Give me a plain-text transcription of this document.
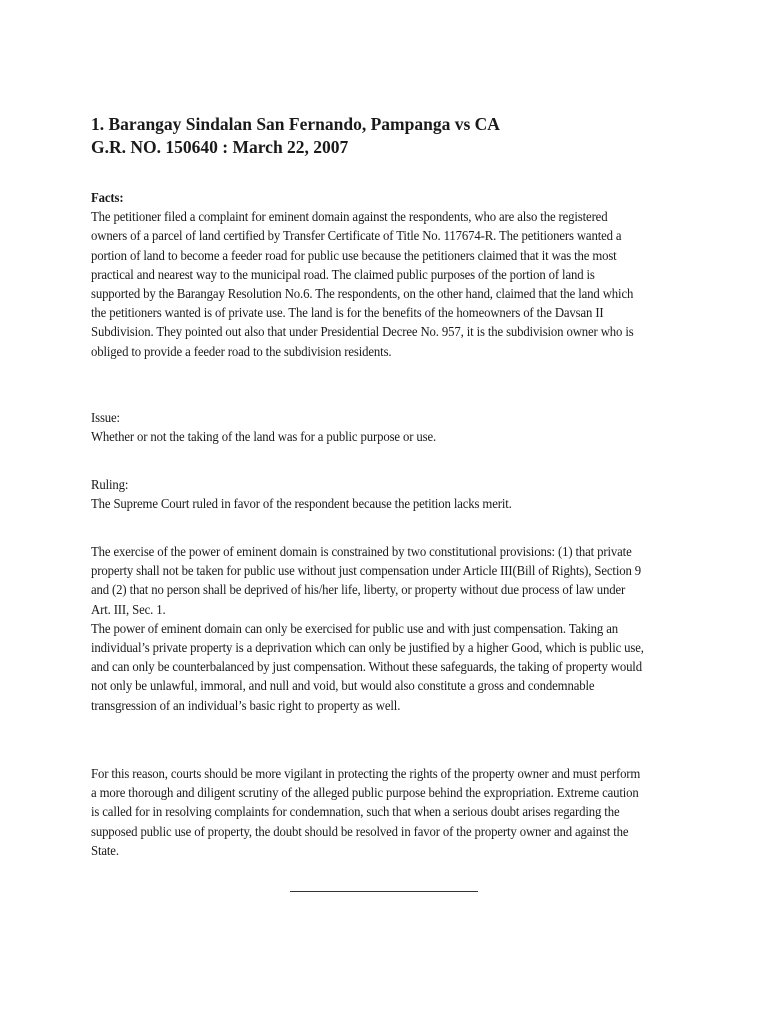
1. Barangay Sindalan San Fernando, Pampanga vs CA
G.R. NO. 150640 : March 22, 2007

Facts:

The petitioner filed a complaint for eminent domain against the respondents, who are also the registered owners of a parcel of land certified by Transfer Certificate of Title No. 117674-R. The petitioners wanted a portion of land to become a feeder road for public use because the petitioners claimed that it was the most practical and nearest way to the municipal road. The claimed public purposes of the portion of land is supported by the Barangay Resolution No.6. The respondents, on the other hand, claimed that the land which the petitioners wanted is of private use. The land is for the benefits of the homeowners of the Davsan II Subdivision. They pointed out also that under Presidential Decree No. 957, it is the subdivision owner who is obliged to provide a feeder road to the subdivision residents.

Issue:

Whether or not the taking of the land was for a public purpose or use.

Ruling:

The Supreme Court ruled in favor of the respondent because the petition lacks merit.

The exercise of the power of eminent domain is constrained by two constitutional provisions: (1) that private property shall not be taken for public use without just compensation under Article III(Bill of Rights), Section 9 and (2) that no person shall be deprived of his/her life, liberty, or property without due process of law under Art. III, Sec. 1.

The power of eminent domain can only be exercised for public use and with just compensation. Taking an individual’s private property is a deprivation which can only be justified by a higher Good, which is public use, and can only be counterbalanced by just compensation. Without these safeguards, the taking of property would not only be unlawful, immoral, and null and void, but would also constitute a gross and condemnable transgression of an individual’s basic right to property as well.

For this reason, courts should be more vigilant in protecting the rights of the property owner and must perform a more thorough and diligent scrutiny of the alleged public purpose behind the expropriation. Extreme caution is called for in resolving complaints for condemnation, such that when a serious doubt arises regarding the supposed public use of property, the doubt should be resolved in favor of the property owner and against the State.
